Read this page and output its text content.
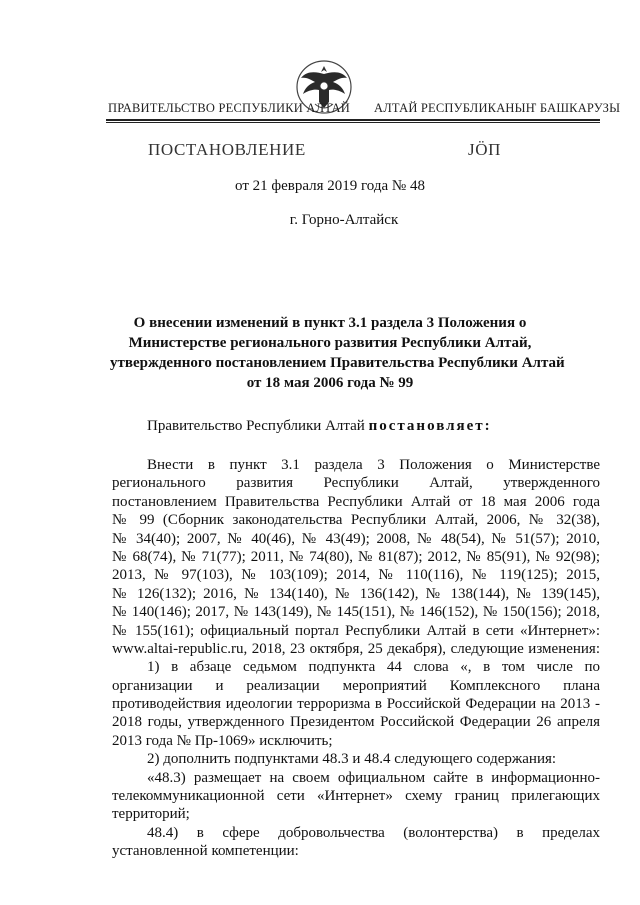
ПРАВИТЕЛЬСТВО РЕСПУБЛИКИ АЛТАЙ АЛТАЙ РЕСПУБЛИКАНЫҤ БАШКАРУЗЫ
ПОСТАНОВЛЕНИЕ	ЈӦП
от 21 февраля 2019 года № 48
г. Горно-Алтайск
О внесении изменений в пункт 3.1 раздела 3 Положения о
Министерстве регионального развития Республики Алтай,
утвержденного постановлением Правительства Республики Алтай
от 18 мая 2006 года № 99
Правительство Республики Алтай постановляет:
Внести в пункт 3.1 раздела 3 Положения о Министерстве
регионального развития Республики Алтай, утвержденного
постановлением Правительства Республики Алтай от 18 мая 2006 года
№ 99 (Сборник законодательства Республики Алтай, 2006, № 32(38),
№ 34(40); 2007, № 40(46), № 43(49); 2008, № 48(54), № 51(57); 2010,
№ 68(74), № 71(77); 2011, № 74(80), № 81(87); 2012, № 85(91), № 92(98);
2013, № 97(103), № 103(109); 2014, № 110(116), № 119(125); 2015,
№ 126(132); 2016, № 134(140), № 136(142), № 138(144), № 139(145),
№ 140(146); 2017, № 143(149), № 145(151), № 146(152), № 150(156); 2018,
№ 155(161); официальный портал Республики Алтай в сети «Интернет»:
www.altai-republic.ru, 2018, 23 октября, 25 декабря), следующие изменения:
1) в абзаце седьмом подпункта 44 слова «, в том числе по
организации и реализации мероприятий Комплексного плана
противодействия идеологии терроризма в Российской Федерации на 2013 -
2018 годы, утвержденного Президентом Российской Федерации 26 апреля
2013 года № Пр-1069» исключить;
2) дополнить подпунктами 48.3 и 48.4 следующего содержания:
«48.3) размещает на своем официальном сайте в информационно-
телекоммуникационной сети «Интернет» схему границ прилегающих
территорий;
48.4) в сфере добровольчества (волонтерства) в пределах
установленной компетенции:
